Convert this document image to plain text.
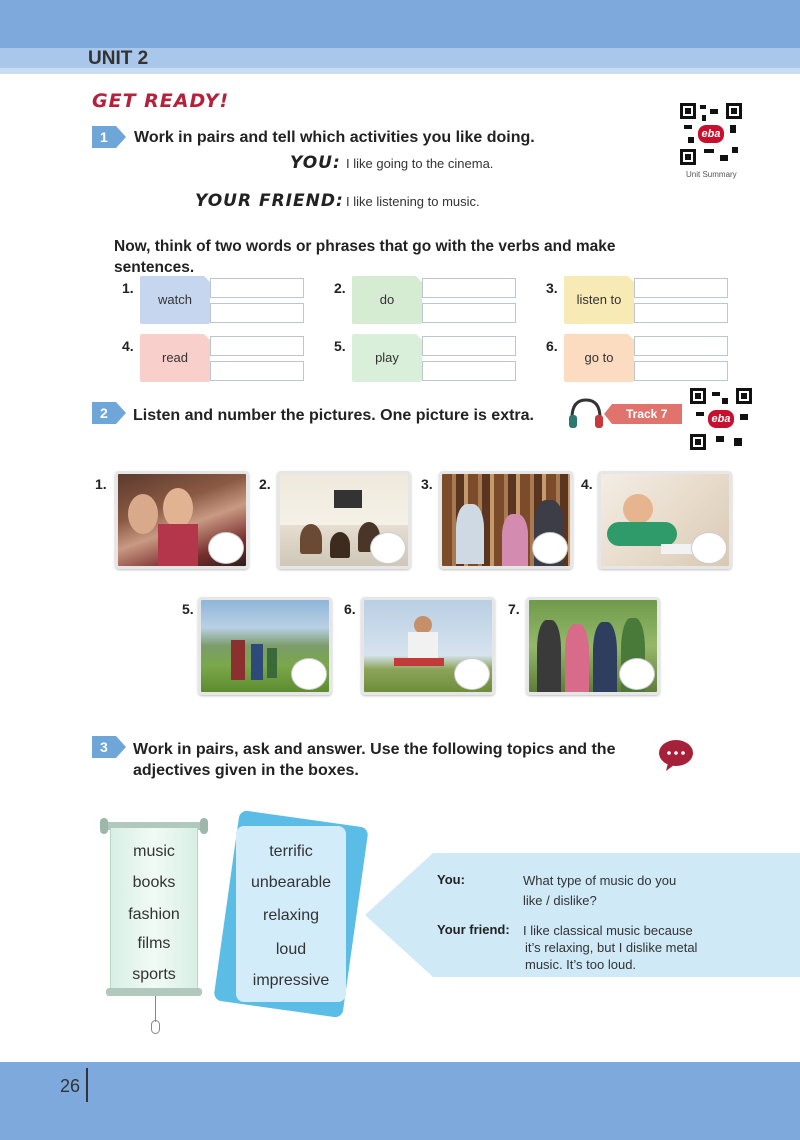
UNIT 2
GET READY!
eba
Unit Summary
1	Work in pairs and tell which activities you like doing.
YOU: I like going to the cinema.
YOUR FRIEND: I like listening to music.
Now, think of two words or phrases that go with the verbs and make sentences.
1.
watch
2.
do
3.
listen to
4.
read
5.
play
6.
go to
2	Listen and number the pictures. One picture is extra.	Track 7	eba
1.	2.	3.	4.
5.	6.	7.
3	Work in pairs, ask and answer. Use the following topics and the adjectives given in the boxes.
music
books
fashion
films
sports
terrific
unbearable
relaxing
loud
impressive
You:	What type of music do you
like / dislike?
Your friend: I like classical music because
it’s relaxing, but I dislike metal
music. It’s too loud.
26
